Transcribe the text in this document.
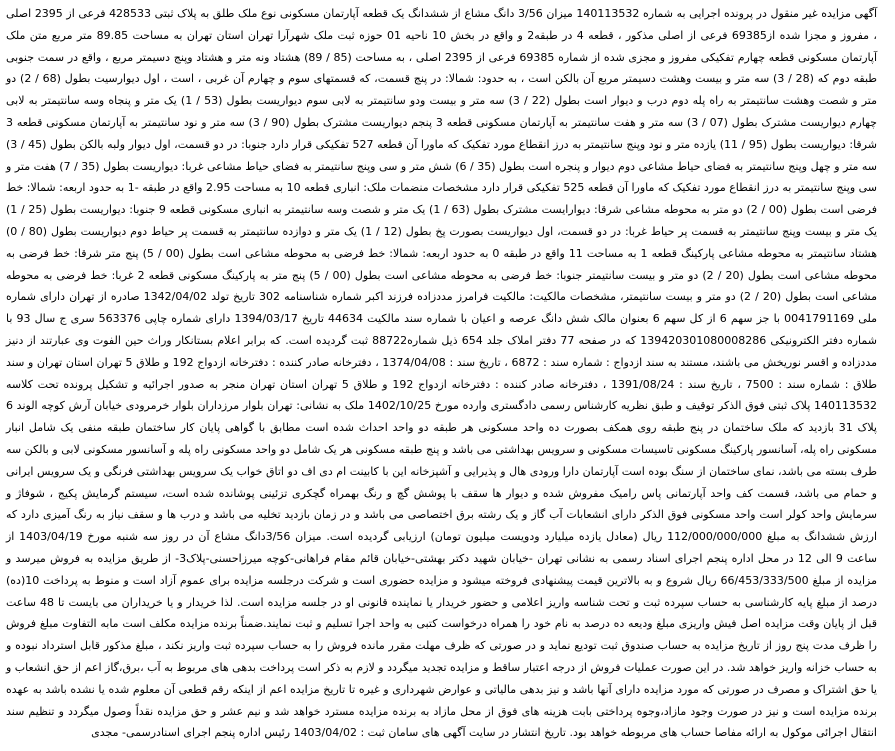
آگهی مزایده غیر منقول در پرونده اجرایی به شماره 140113532 میزان 3/56 دانگ مشاع از ششدانگ یک قطعه آپارتمان مسکونی نوع ملک طلق به پلاک ثبتی 428533 فرعی از 2395 اصلی ، مفروز و مجزا شده از69385 فرعی از اصلی مذکور ، قطعه 4 در طبقه2 و واقع در بخش 10 ناحیه 01 حوزه ثبت ملک شهرآرا تهران استان تهران به مساحت 89.85 متر مربع متن ملک آپارتمان مسکونی قطعه چهارم تفکیکی مفروز و مجزی شده از شماره 69385 فرعی از 2395 اصلی ، به مساحت (85 / 89) هشتاد ونه متر و هشتاد وپنج دسیمتر مربع ، واقع در سمت جنوبی طبقه دوم که (28 / 3) سه متر و بیست وهشت دسیمتر مربع آن بالکن است ، به حدود: شمالا: در پنج قسمت، که قسمتهای سوم و چهارم آن غربی ، است ، اول دیوارسیت بطول (68 / 2) دو متر و شصت وهشت سانتیمتر به راه پله دوم درب و دیوار است بطول (22 / 3) سه متر و بیست ودو سانتیمتر به لابی سوم دیواریست بطول (53 / 1) یک متر و پنجاه وسه سانتیمتر به لابی چهارم دیواریست مشترک بطول (07 / 3) سه متر و هفت سانتیمتر به آپارتمان مسکونی قطعه 3 پنجم دیواریست مشترک بطول (90 / 3) سه متر و نود سانتیمتر به آپارتمان مسکونی قطعه 3 شرقا: دیواریست بطول (95 / 11) یازده متر و نود وپنج سانتیمتر به درز انقطاع مورد تفکیک که ماورا آن قطعه 527 تفکیکی قرار دارد جنوبا: در دو قسمت، اول دیوار ولبه بالکن بطول (45 / 3) سه متر و چهل وپنج سانتیمتر به فضای حیاط مشاعی دوم دیوار و پنجره است بطول (35 / 6) شش متر و سی وپنج سانتیمتر به فضای حیاط مشاعی غربا: دیواریست بطول (35 / 7) هفت متر و سی وپنج سانتیمتر به درز انقطاع مورد تفکیک که ماورا آن قطعه 525 تفکیکی قرار دارد مشخصات منضمات ملک: انباری قطعه 10 به مساحت 2.95 واقع در طبقه -1 به حدود اربعه: شمالا: خط فرضی است بطول (00 / 2) دو متر به محوطه مشاعی شرقا: دیوارایست مشترک بطول (63 / 1) یک متر و شصت وسه سانتیمتر به انباری مسکونی قطعه 9 جنوبا: دیواریست بطول (25 / 1) یک متر و بیست وپنج سانتیمتر به قسمت پر حیاط غربا: در دو قسمت، اول دیواریست بصورت پخ بطول (12 / 1) یک متر و دوازده سانتیمتر به قسمت پر حیاط دوم دیواریست بطول (80 / 0) هشتاد سانتیمتر به محوطه مشاعی پارکینگ قطعه 1 به مساحت 11 واقع در طبقه 0 به حدود اربعه: شمالا: خط فرضی به محوطه مشاعی است بطول (00 / 5) پنج متر شرقا: خط فرضی به محوطه مشاعی است بطول (20 / 2) دو متر و بیست سانتیمتر جنوبا: خط فرضی به محوطه مشاعی است بطول (00 / 5) پنج متر به پارکینگ مسکونی قطعه 2 غربا: خط فرضی به محوطه مشاعی است بطول (20 / 2) دو متر و بیست سانتیمتر، مشخصات مالکیت: مالکیت فرامرز مددزاده فرزند اکبر شماره شناسنامه 302 تاریخ تولد 1342/04/02 صادره از تهران دارای شماره ملی 0041791169 با جز سهم 6 از کل سهم 6 بعنوان مالک شش دانگ عرصه و اعیان با شماره سند مالکیت 44634 تاریخ 1394/03/17 دارای شماره چاپی 563376 سری ج سال 93 با شماره دفتر الکترونیکی 139420301080008286 که در صفحه 77 دفتر املاک جلد 654 ذیل شماره88722 ثبت گردیده است. که برابر اعلام بستانکار وراث حین الفوت وی عبارتند از دنیز مددزاده و اقسر نوریخش می باشند، مستند به سند ازدواج : شماره سند : 6872 ، تاریخ سند : 1374/04/08 ، دفترخانه صادر کننده : دفترخانه ازدواج 192 و طلاق 5 تهران استان تهران و سند طلاق : شماره سند : 7500 ، تاریخ سند : 1391/08/24 ، دفترخانه صادر کننده : دفترخانه ازدواج 192 و طلاق 5 تهران استان تهران منجر به صدور اجرائیه و تشکیل پرونده تحت کلاسه 140113532 پلاک ثبتی فوق الذکر توقیف و طبق نظریه کارشناس رسمی دادگستری وارده مورخ 1402/10/25 ملک به نشانی: تهران بلوار مرزداران بلوار خرمرودی خیابان آرش کوچه الوند 6 پلاک 31 بازدید که ملک ساختمان در پنج طبقه روی همکف بصورت ده واحد مسکونی هر طبقه دو واحد احداث شده است مطابق با گواهی پایان کار ساختمان طبقه منفی یک شامل انبار مسکونی راه پله، آسانسور پارکینگ مسکونی تاسیسات مسکونی و سرویس بهداشتی می باشد و پنج طبقه مسکونی هر یک شامل دو واحد مسکونی راه پله و آسانسور مسکونی لابی و بالکن سه طرف بسته می باشد، نمای ساختمان از سنگ بوده است آپارتمان دارا ورودی هال و پذیرایی و آشپزخانه این با کابینت ام دی اف دو اتاق خواب یک سرویس بهداشتی فرنگی و یک سرویس ایرانی و حمام می باشد، قسمت کف واحد آپارتمانی پاس رامیک مفروش شده و دیوار ها سقف با پوشش گچ و رنگ بهمراه گچکری تزئینی پوشانده شده است، سیستم گرمایش پکیج ، شوفاژ و سرمایش واحد کولر است واحد مسکونی فوق الذکر دارای انشعابات آب گاز و یک رشته برق اختصاصی می باشد و در زمان بازدید تخلیه می باشد و درب ها و سقف نیاز به رنگ آمیزی دارد که ارزش ششدانگ به مبلغ 112/000/000/000 ریال (معادل یازده میلیارد ودویست میلیون تومان) ارزیابی گردیده است. میزان 3/56دانگ مشاع آن در روز سه شنبه مورخ 1403/04/19 از ساعت 9 الی 12 در محل اداره پنجم اجرای اسناد رسمی به نشانی تهران -خیابان شهید دکتر بهشتی-خیابان قائم مقام فراهانی-کوچه میرزاحسنی-پلاک3- از طریق مزایده به فروش میرسد و مزایده از مبلغ 66/453/333/500 ریال شروع و به بالاترین قیمت پیشنهادی فروخته میشود و مزایده حضوری است و شرکت درجلسه مزایده برای عموم آزاد است و منوط به پرداخت 10(ده) درصد از مبلغ پایه کارشناسی به حساب سپرده ثبت و تحت شناسه واریز اعلامی و حضور خریدار یا نماینده قانونی او در جلسه مزایده است. لذا خریدار و یا خریداران می بایست تا 48 ساعت قبل از پایان وقت مزایده اصل فیش واریزی مبلغ ودیعه ده درصد به نام خود را همراه درخواست کتبی به واحد اجرا تسلیم و ثبت نمایند.ضمناً برنده مزایده مکلف است مابه التفاوت مبلغ فروش را ظرف مدت پنج روز از تاریخ مزایده به حساب صندوق ثبت تودیع نماید و در صورتی که ظرف مهلت مقرر مانده فروش را به حساب سپرده ثبت واریز نکند ، مبلغ مذکور قابل استرداد نبوده و به حساب خزانه واریز خواهد شد. در این صورت عملیات فروش از درجه اعتبار ساقط و مزایده تجدید میگردد و لازم به ذکر است پرداخت بدهی های مربوط به آب ،برق،گاز اعم از حق انشعاب و یا حق اشتراک و مصرف در صورتی که مورد مزایده دارای آنها باشد و نیز بدهی مالیاتی و عوارض شهرداری و غیره تا تاریخ مزایده اعم از اینکه رقم قطعی آن معلوم شده یا نشده باشد به عهده برنده مزایده است و نیز در صورت وجود مازاد،وجوه پرداختی بابت هزینه های فوق از محل مازاد به برنده مزایده مسترد خواهد شد و نیم عشر و حق مزایده نقداً وصول میگردد و تنظیم سند انتقال اجرائی موکول به ارائه مفاصا حساب های مربوطه خواهد بود. تاریخ انتشار در سایت آگهی های سامان ثبت : 1403/04/02 رئیس اداره پنجم اجرای اسنادرسمی- مجدی
